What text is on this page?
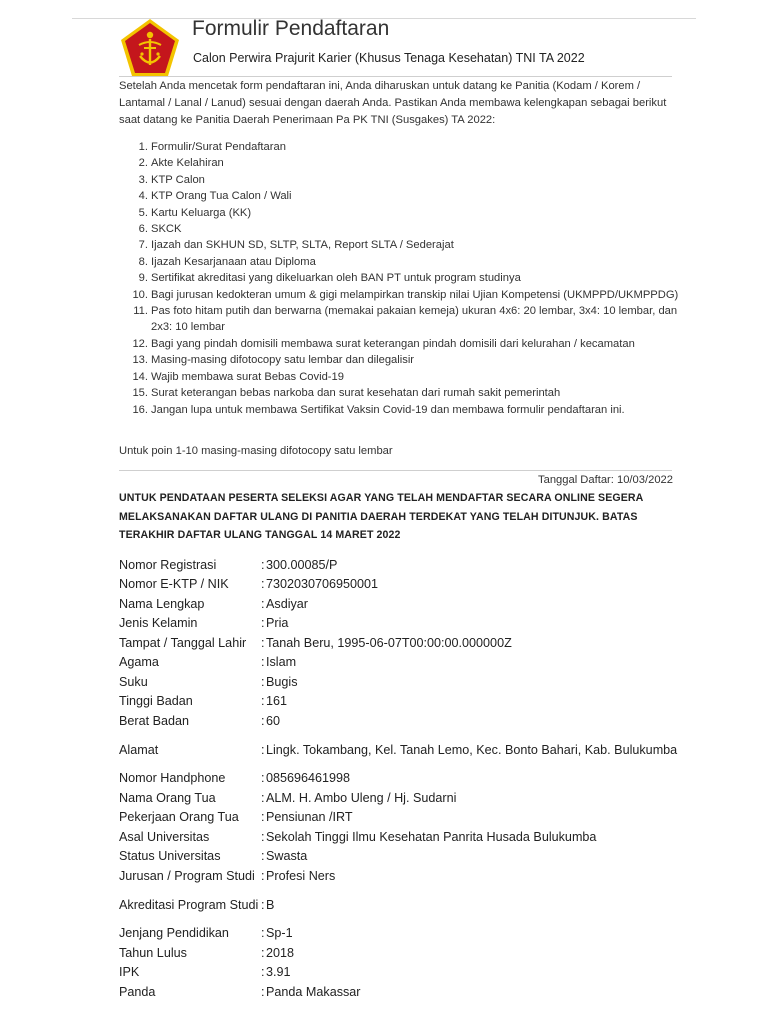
Formulir Pendaftaran
Calon Perwira Prajurit Karier (Khusus Tenaga Kesehatan) TNI TA 2022

Setelah Anda mencetak form pendaftaran ini, Anda diharuskan untuk datang ke Panitia (Kodam / Korem / Lantamal / Lanal / Lanud) sesuai dengan daerah Anda. Pastikan Anda membawa kelengkapan sebagai berikut saat datang ke Panitia Daerah Penerimaan Pa PK TNI (Susgakes) TA 2022:

1. Formulir/Surat Pendaftaran
2. Akte Kelahiran
3. KTP Calon
4. KTP Orang Tua Calon / Wali
5. Kartu Keluarga (KK)
6. SKCK
7. Ijazah dan SKHUN SD, SLTP, SLTA, Report SLTA / Sederajat
8. Ijazah Kesarjanaan atau Diploma
9. Sertifikat akreditasi yang dikeluarkan oleh BAN PT untuk program studinya
10. Bagi jurusan kedokteran umum & gigi melampirkan transkip nilai Ujian Kompetensi (UKMPPD/UKMPPDG)
11. Pas foto hitam putih dan berwarna (memakai pakaian kemeja) ukuran 4x6: 20 lembar, 3x4: 10 lembar, dan 2x3: 10 lembar
12. Bagi yang pindah domisili membawa surat keterangan pindah domisili dari kelurahan / kecamatan
13. Masing-masing difotocopy satu lembar dan dilegalisir
14. Wajib membawa surat Bebas Covid-19
15. Surat keterangan bebas narkoba dan surat kesehatan dari rumah sakit pemerintah
16. Jangan lupa untuk membawa Sertifikat Vaksin Covid-19 dan membawa formulir pendaftaran ini.
Untuk poin 1-10 masing-masing difotocopy satu lembar
Tanggal Daftar: 10/03/2022

UNTUK PENDATAAN PESERTA SELEKSI AGAR YANG TELAH MENDAFTAR SECARA ONLINE SEGERA MELAKSANAKAN DAFTAR ULANG DI PANITIA DAERAH TERDEKAT YANG TELAH DITUNJUK. BATAS TERAKHIR DAFTAR ULANG TANGGAL 14 MARET 2022

Nomor Registrasi	: 300.00085/P
Nomor E-KTP / NIK	: 7302030706950001
Nama Lengkap	: Asdiyar
Jenis Kelamin	: Pria
Tampat / Tanggal Lahir	: Tanah Beru, 1995-06-07T00:00:00.000000Z
Agama	: Islam
Suku	: Bugis
Tinggi Badan	: 161
Berat Badan	: 60
Alamat	: Lingk. Tokambang, Kel. Tanah Lemo, Kec. Bonto Bahari, Kab. Bulukumba
Nomor Handphone	: 085696461998
Nama Orang Tua	: ALM. H. Ambo Uleng / Hj. Sudarni
Pekerjaan Orang Tua	: Pensiunan /IRT
Asal Universitas	: Sekolah Tinggi Ilmu Kesehatan Panrita Husada Bulukumba
Status Universitas	: Swasta
Jurusan / Program Studi : Profesi Ners
Akreditasi Program Studi : B
Jenjang Pendidikan	: Sp-1
Tahun Lulus	: 2018
IPK	: 3.91
Panda	: Panda Makassar
